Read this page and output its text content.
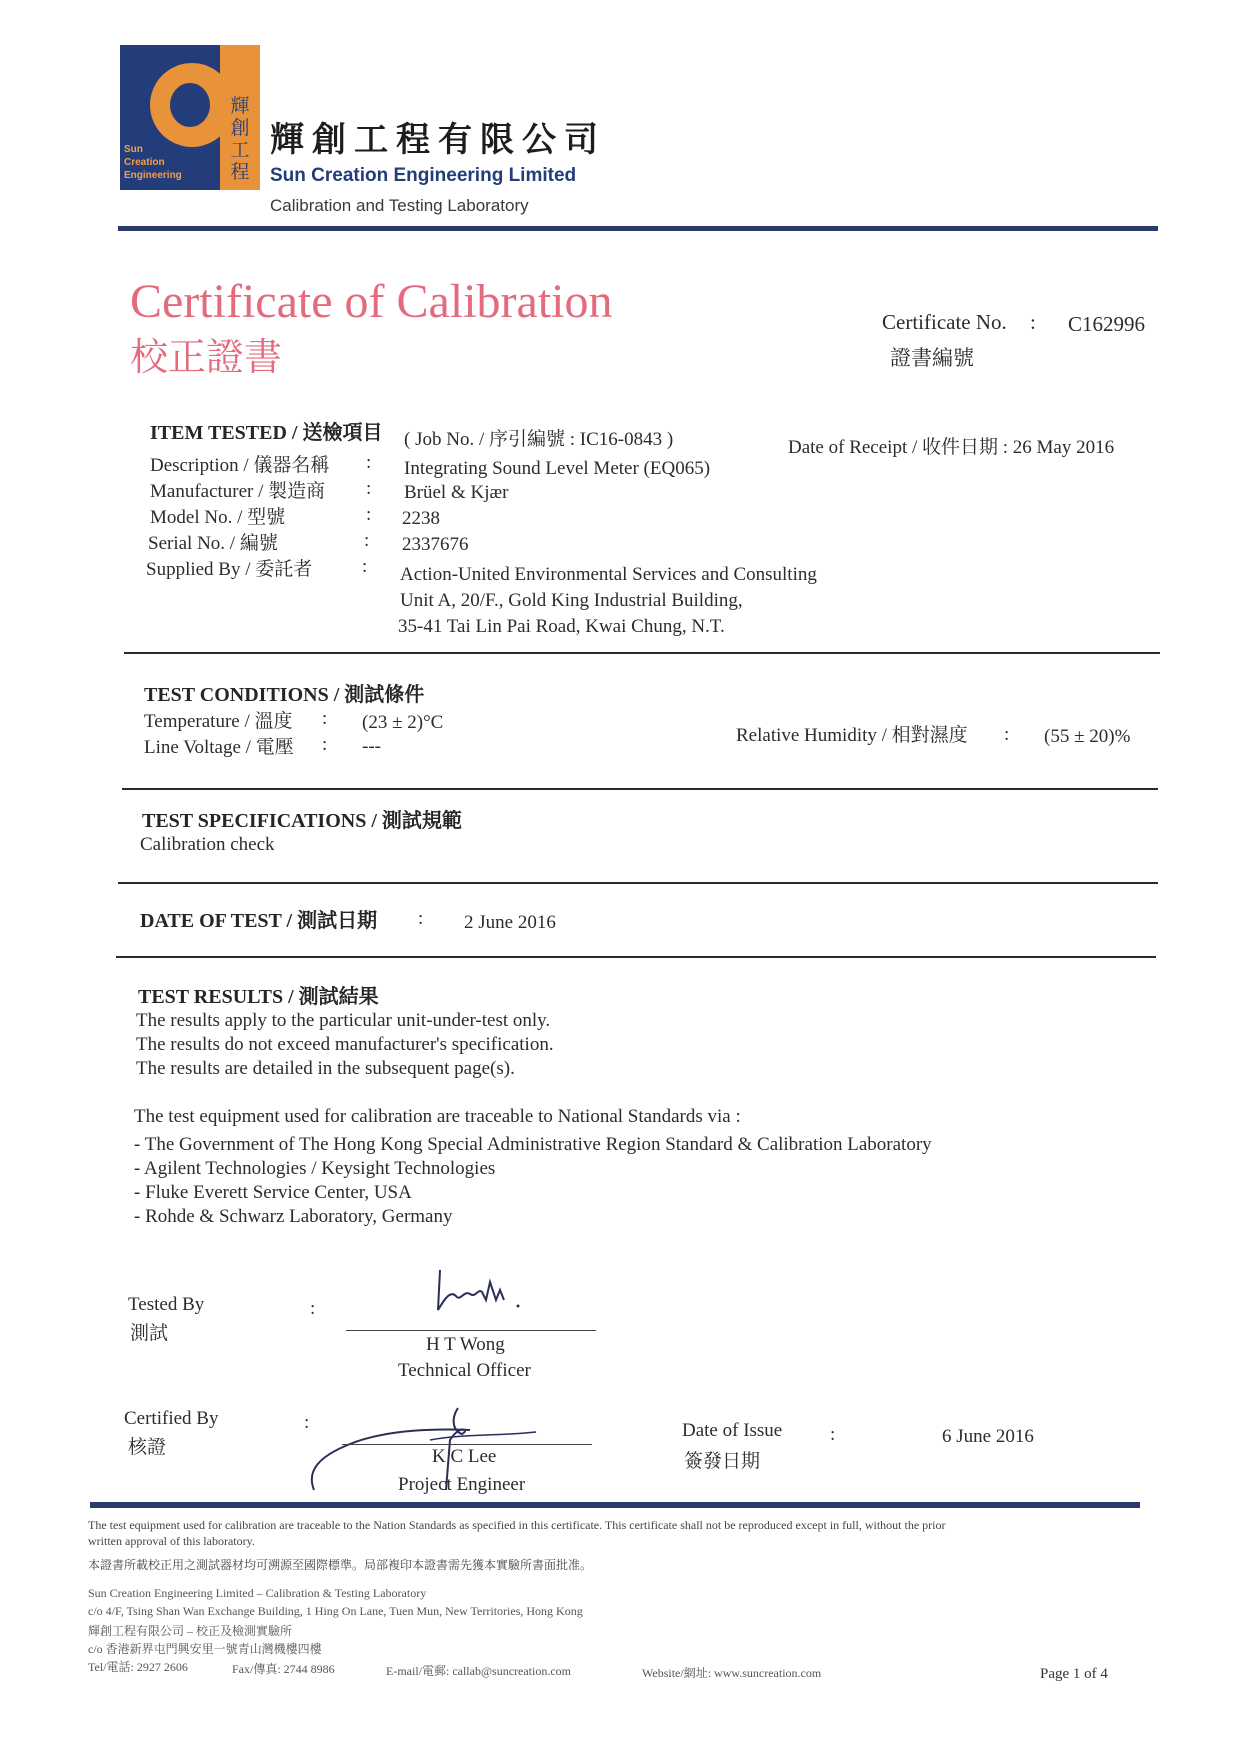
Sun
Creation
Engineering
輝創工程
輝創工程有限公司
Sun Creation Engineering Limited
Calibration and Testing Laboratory
Certificate of Calibration
校正證書
Certificate No. : C162996
證書編號
ITEM TESTED / 送檢項目 ( Job No. / 序引編號 : IC16-0843 )	Date of Receipt / 收件日期 : 26 May 2016
Description / 儀器名稱 : Integrating Sound Level Meter (EQ065)
Manufacturer / 製造商 : Brüel & Kjær
Model No. / 型號	: 2238
Serial No. / 編號	: 2337676
Supplied By / 委託者	: Action-United Environmental Services and Consulting
Unit A, 20/F., Gold King Industrial Building,
35-41 Tai Lin Pai Road, Kwai Chung, N.T.
TEST CONDITIONS / 測試條件
Temperature / 溫度 : (23 ± 2)°C
Line Voltage / 電壓 : ---
Relative Humidity / 相對濕度 : (55 ± 20)%
TEST SPECIFICATIONS / 測試規範
Calibration check
DATE OF TEST / 測試日期 : 2 June 2016
TEST RESULTS / 測試結果
The results apply to the particular unit-under-test only.
The results do not exceed manufacturer's specification.
The results are detailed in the subsequent page(s).
The test equipment used for calibration are traceable to National Standards via :
- The Government of The Hong Kong Special Administrative Region Standard & Calibration Laboratory
- Agilent Technologies / Keysight Technologies
- Fluke Everett Service Center, USA
- Rohde & Schwarz Laboratory, Germany
Tested By
測試
:
H T Wong
Technical Officer
Certified By
核證
:
K C Lee
Project Engineer
Date of Issue
簽發日期
:	6 June 2016
The test equipment used for calibration are traceable to the Nation Standards as specified in this certificate. This certificate shall not be reproduced except in full, without the prior
written approval of this laboratory.
本證書所載校正用之測試器材均可溯源至國際標準。局部複印本證書需先獲本實驗所書面批准。
Sun Creation Engineering Limited – Calibration & Testing Laboratory
c/o 4/F, Tsing Shan Wan Exchange Building, 1 Hing On Lane, Tuen Mun, New Territories, Hong Kong
輝創工程有限公司 – 校正及檢測實驗所
c/o 香港新界屯門興安里一號青山灣機樓四樓
Tel/電話: 2927 2606	Fax/傳真: 2744 8986	E-mail/電郵: callab@suncreation.com	Website/網址: www.suncreation.com	Page 1 of 4
